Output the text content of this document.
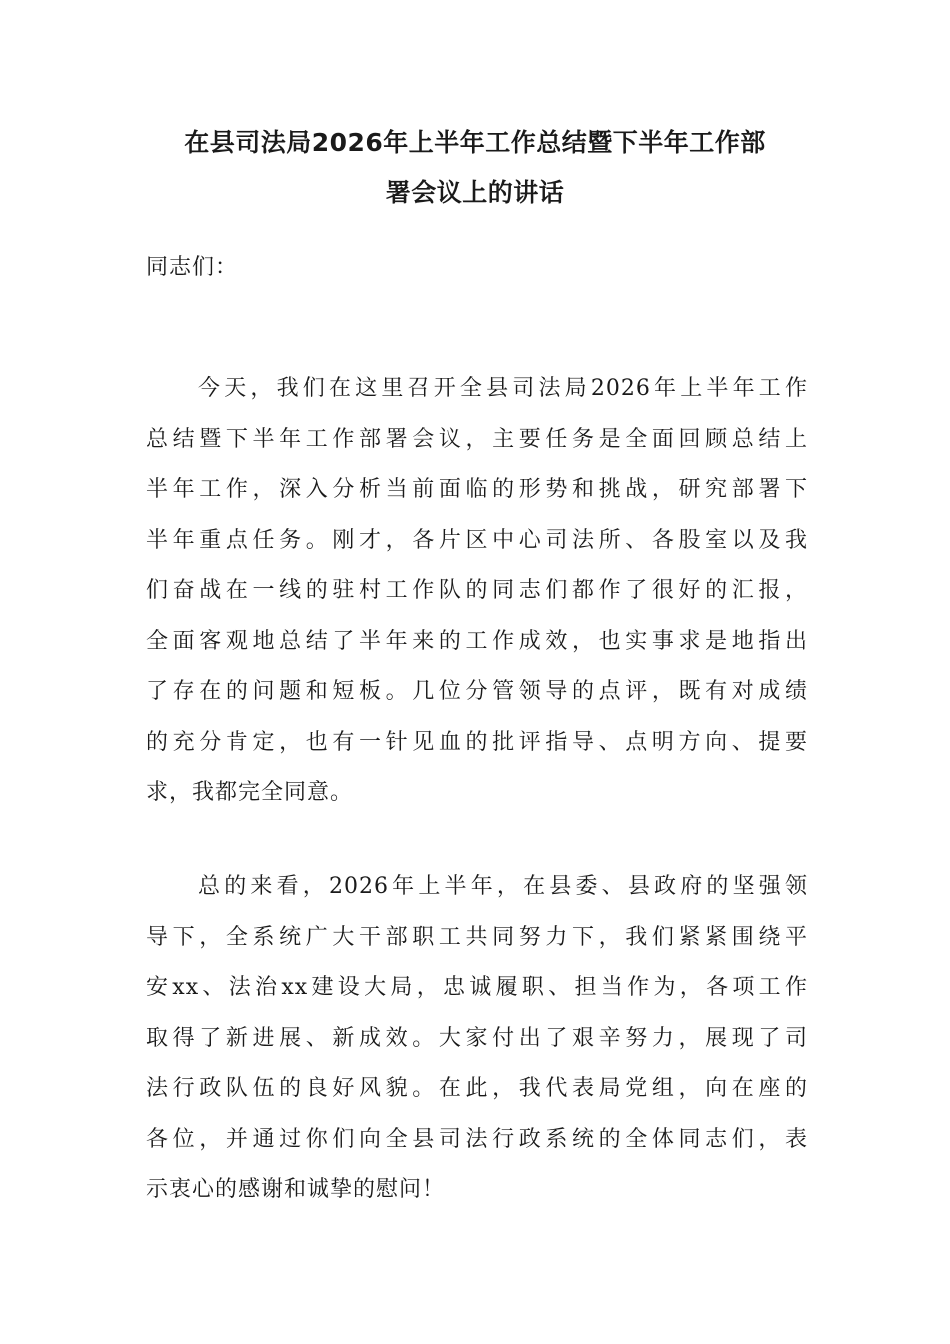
在县司法局2026年上半年工作总结暨下半年工作部
署会议上的讲话

同志们：

今天，我们在这里召开全县司法局2026年上半年工作
总结暨下半年工作部署会议，主要任务是全面回顾总结上
半年工作，深入分析当前面临的形势和挑战，研究部署下
半年重点任务。刚才，各片区中心司法所、各股室以及我
们奋战在一线的驻村工作队的同志们都作了很好的汇报，
全面客观地总结了半年来的工作成效，也实事求是地指出
了存在的问题和短板。几位分管领导的点评，既有对成绩
的充分肯定，也有一针见血的批评指导、点明方向、提要
求，我都完全同意。
总的来看，2026年上半年，在县委、县政府的坚强领
导下，全系统广大干部职工共同努力下，我们紧紧围绕平
安xx、法治xx建设大局，忠诚履职、担当作为，各项工作
取得了新进展、新成效。大家付出了艰辛努力，展现了司
法行政队伍的良好风貌。在此，我代表局党组，向在座的
各位，并通过你们向全县司法行政系统的全体同志们，表
示衷心的感谢和诚挚的慰问！
